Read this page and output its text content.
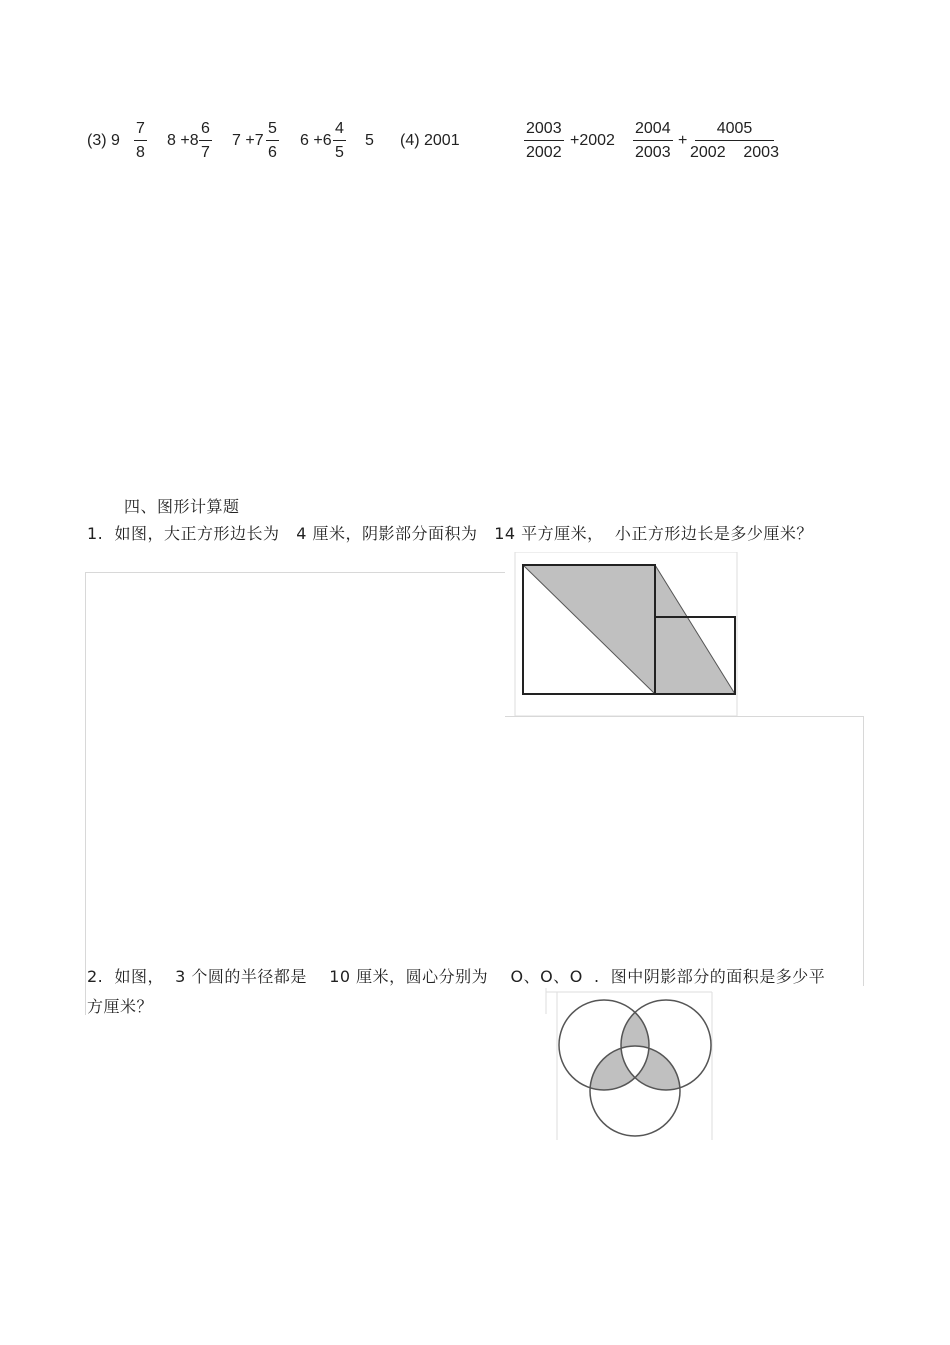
(3) $9 \frac{7}{8} 8 +8 \frac{6}{7} 7 +7 \frac{5}{6} 6 +6 \frac{4}{5} 5$ (4) 2001	$\frac{2003}{2002} +2002 \frac{2004}{2003} + \frac{4005}{2002 2003}$
四、图形计算题
1.  如图，大正方形边长为   4 厘米，阴影部分面积为   14 平方厘米，  小正方形边长是多少厘米？
2.  如图，  3 个圆的半径都是    10 厘米，圆心分别为    O、O、O  .  图中阴影部分的面积是多少平
方厘米？
